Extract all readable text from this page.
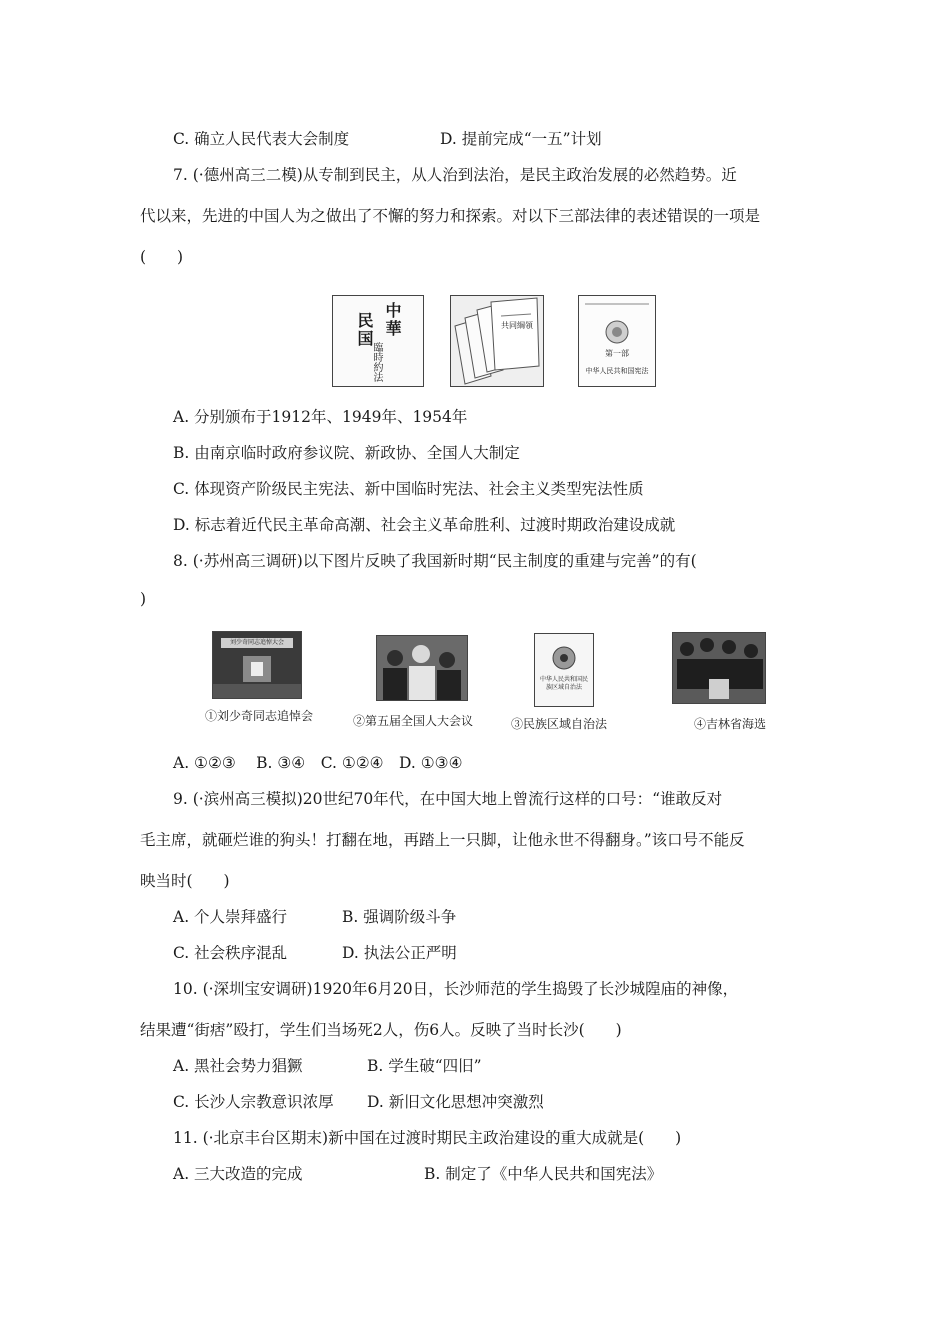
C. 确立人民代表大会制度	D. 提前完成“一五”计划
7. (·德州高三二模)从专制到民主，从人治到法治，是民主政治发展的必然趋势。近
代以来，先进的中国人为之做出了不懈的努力和探索。对以下三部法律的表述错误的一项是
(　　)
中華
民国
臨時約法
共同綱領
第一部
中华人民共和国宪法
A. 分别颁布于1912年、1949年、1954年
B. 由南京临时政府参议院、新政协、全国人大制定
C. 体现资产阶级民主宪法、新中国临时宪法、社会主义类型宪法性质
D. 标志着近代民主革命高潮、社会主义革命胜利、过渡时期政治建设成就
8. (·苏州高三调研)以下图片反映了我国新时期“民主制度的重建与完善”的有(
)
刘少奇同志追悼大会
中华人民共和国民族区域自治法
①刘少奇同志追悼会	②第五届全国人大会议	③民族区域自治法	④吉林省海选
A. ①②③　 B. ③④　C. ①②④　D. ①③④
9. (·滨州高三模拟)20世纪70年代，在中国大地上曾流行这样的口号：“谁敢反对
毛主席，就砸烂谁的狗头！打翻在地，再踏上一只脚，让他永世不得翻身。”该口号不能反
映当时(　　)
A. 个人崇拜盛行	B. 强调阶级斗争
C. 社会秩序混乱	D. 执法公正严明
10. (·深圳宝安调研)1920年6月20日，长沙师范的学生捣毁了长沙城隍庙的神像，
结果遭“街痞”殴打，学生们当场死2人，伤6人。反映了当时长沙(　　)
A. 黑社会势力猖獗	B. 学生破“四旧”
C. 长沙人宗教意识浓厚 D. 新旧文化思想冲突激烈
11. (·北京丰台区期末)新中国在过渡时期民主政治建设的重大成就是(　　)
A. 三大改造的完成	B. 制定了《中华人民共和国宪法》
